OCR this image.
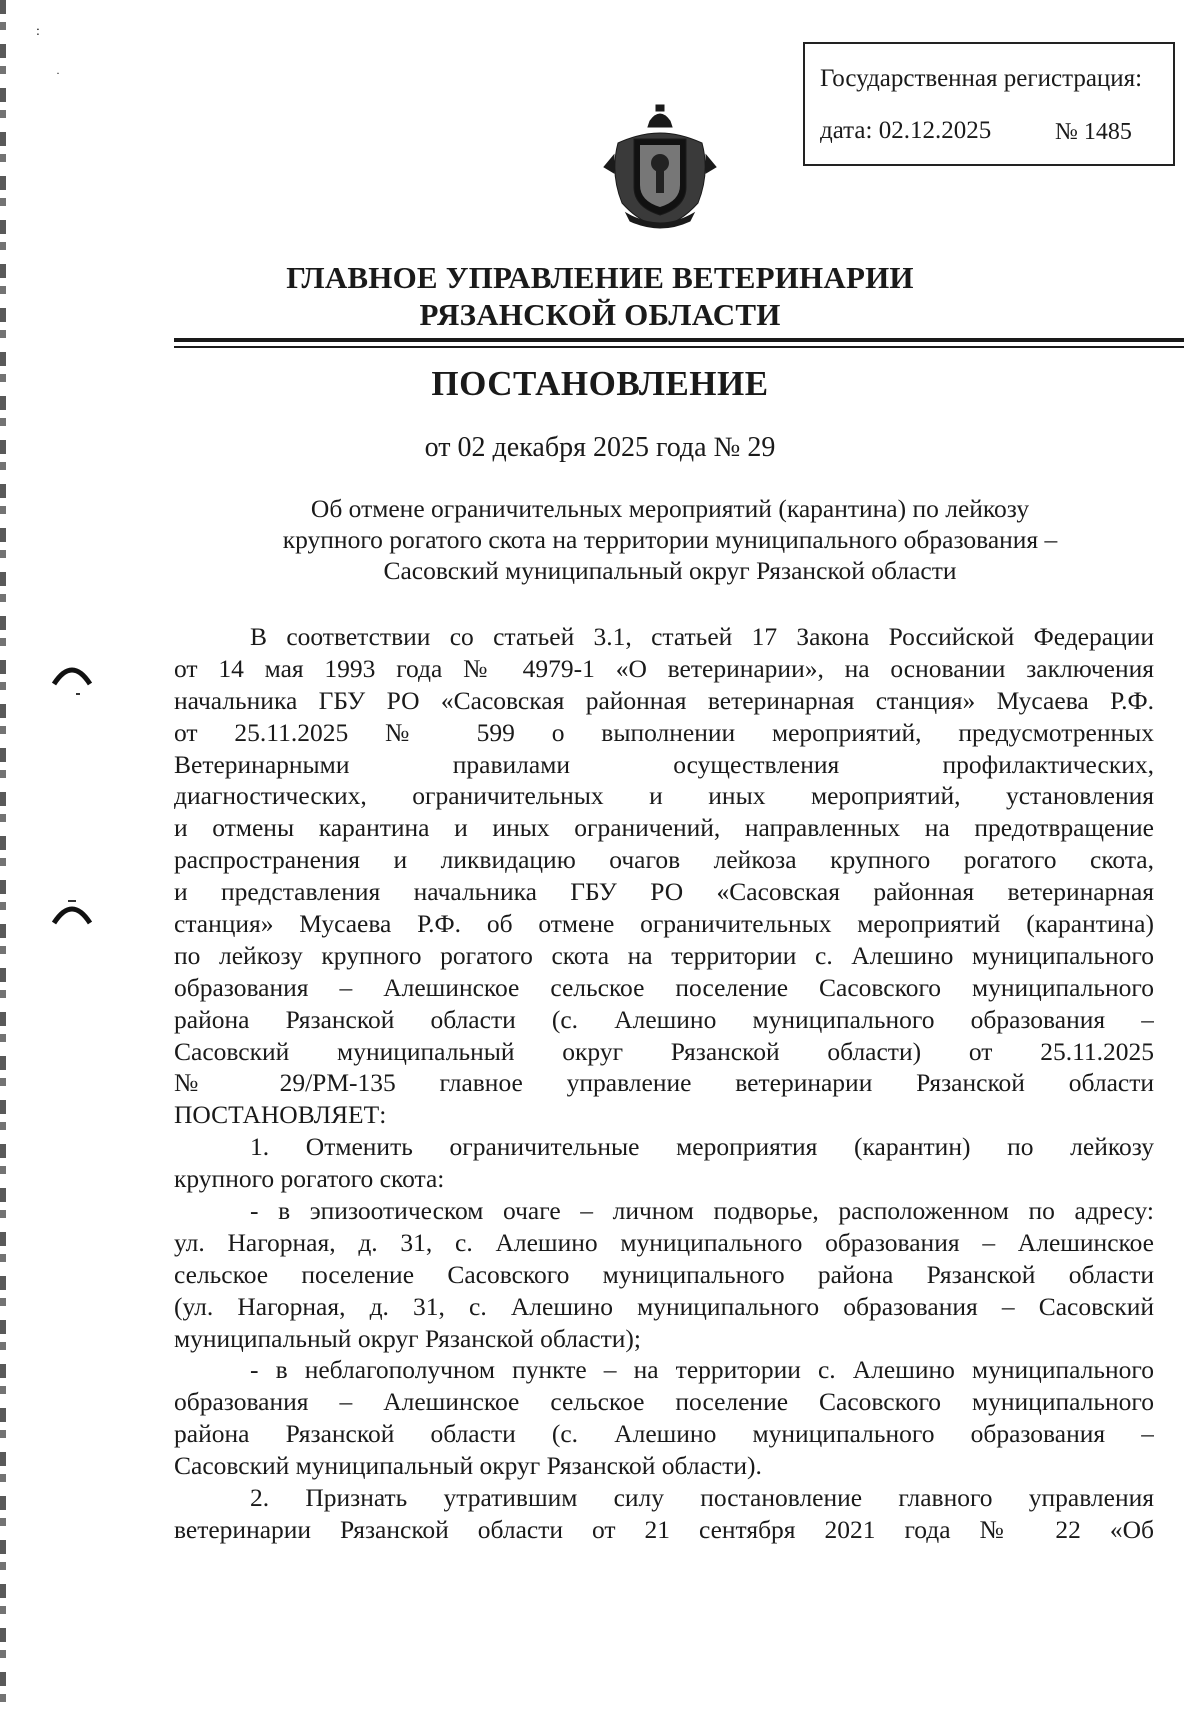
:
·	Государственная регистрация:
дата: 02.12.2025	№ 1485
ГЛАВНОЕ УПРАВЛЕНИЕ ВЕТЕРИНАРИИ
РЯЗАНСКОЙ ОБЛАСТИ
ПОСТАНОВЛЕНИЕ
от 02 декабря 2025 года № 29
Об отмене ограничительных мероприятий (карантина) по лейкозу
крупного рогатого скота на территории муниципального образования –
Сасовский муниципальный округ Рязанской области
В соответствии со статьей 3.1, статьей 17 Закона Российской Федерации
от 14 мая 1993 года № 4979-1 «О ветеринарии», на основании заключения
начальника ГБУ РО «Сасовская районная ветеринарная станция» Мусаева Р.Ф.
от 25.11.2025 № 599 о выполнении мероприятий, предусмотренных
Ветеринарными правилами осуществления профилактических,
диагностических, ограничительных и иных мероприятий, установления
и отмены карантина и иных ограничений, направленных на предотвращение
распространения и ликвидацию очагов лейкоза крупного рогатого скота,
и представления начальника ГБУ РО «Сасовская районная ветеринарная
станция» Мусаева Р.Ф. об отмене ограничительных мероприятий (карантина)
по лейкозу крупного рогатого скота на территории с. Алешино муниципального
образования – Алешинское сельское поселение Сасовского муниципального
района Рязанской области (с. Алешино муниципального образования –
Сасовский муниципальный округ Рязанской области) от 25.11.2025
№ 29/РМ-135 главное управление ветеринарии Рязанской области
ПОСТАНОВЛЯЕТ:
1. Отменить ограничительные мероприятия (карантин) по лейкозу
крупного рогатого скота:
- в эпизоотическом очаге – личном подворье, расположенном по адресу:
ул. Нагорная, д. 31, с. Алешино муниципального образования – Алешинское
сельское поселение Сасовского муниципального района Рязанской области
(ул. Нагорная, д. 31, с. Алешино муниципального образования – Сасовский
муниципальный округ Рязанской области);
- в неблагополучном пункте – на территории с. Алешино муниципального
образования – Алешинское сельское поселение Сасовского муниципального
района Рязанской области (с. Алешино муниципального образования –
Сасовский муниципальный округ Рязанской области).
2. Признать утратившим силу постановление главного управления
ветеринарии Рязанской области от 21 сентября 2021 года № 22 «Об
